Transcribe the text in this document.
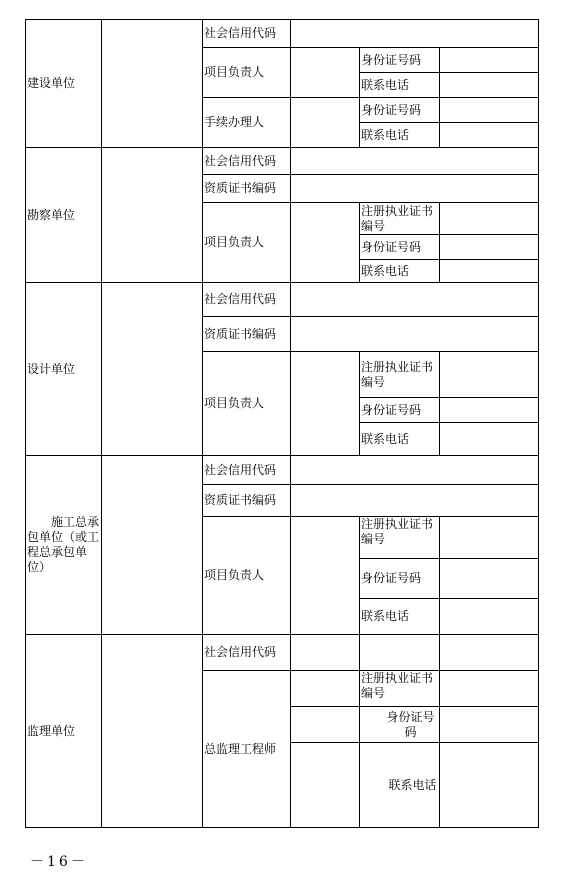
建设单位		社会信用代码			
		项目负责人		身份证号码	
				联系电话	
		手续办理人		身份证号码	
				联系电话	
勘察单位		社会信用代码			
		资质证书编码			
		项目负责人		注册执业证书编号	
				身份证号码	
				联系电话	
设计单位		社会信用代码			
		资质证书编码			
		项目负责人		注册执业证书编号	
				身份证号码	
				联系电话	
施工总承包单位（或工程总承包单位）		社会信用代码			
		资质证书编码			
		项目负责人		注册执业证书编号	
				身份证号码	
				联系电话	
监理单位		社会信用代码			
		总监理工程师		注册执业证书编号	
				身份证号码	
				联系电话	
－16－
